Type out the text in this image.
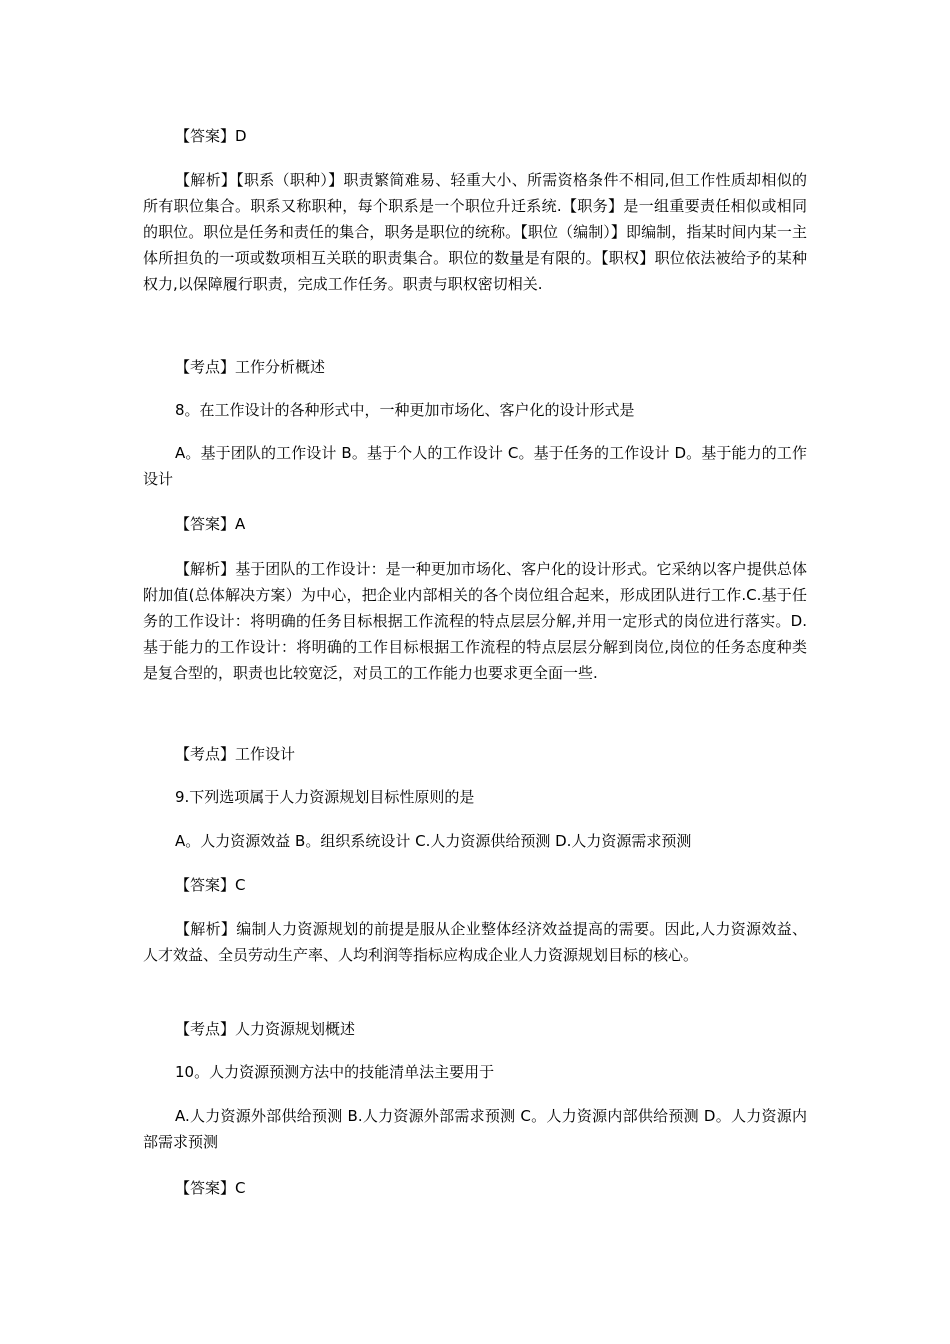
【答案】D

【解析】【职系（职种）】职责繁简难易、轻重大小、所需资格条件不相同,但工作性质却相似的所有职位集合。职系又称职种，每个职系是一个职位升迁系统.【职务】是一组重要责任相似或相同的职位。职位是任务和责任的集合，职务是职位的统称。【职位（编制）】即编制，指某时间内某一主体所担负的一项或数项相互关联的职责集合。职位的数量是有限的。【职权】职位依法被给予的某种权力,以保障履行职责，完成工作任务。职责与职权密切相关.

【考点】工作分析概述

8。在工作设计的各种形式中，一种更加市场化、客户化的设计形式是

A。基于团队的工作设计 B。基于个人的工作设计 C。基于任务的工作设计 D。基于能力的工作设计

【答案】A

【解析】基于团队的工作设计：是一种更加市场化、客户化的设计形式。它采纳以客户提供总体附加值(总体解决方案）为中心，把企业内部相关的各个岗位组合起来，形成团队进行工作.C.基于任务的工作设计：将明确的任务目标根据工作流程的特点层层分解,并用一定形式的岗位进行落实。D.基于能力的工作设计：将明确的工作目标根据工作流程的特点层层分解到岗位,岗位的任务态度种类是复合型的，职责也比较宽泛，对员工的工作能力也要求更全面一些.

【考点】工作设计

9.下列选项属于人力资源规划目标性原则的是

A。人力资源效益 B。组织系统设计 C.人力资源供给预测 D.人力资源需求预测

【答案】C

【解析】编制人力资源规划的前提是服从企业整体经济效益提高的需要。因此,人力资源效益、人才效益、全员劳动生产率、人均利润等指标应构成企业人力资源规划目标的核心。

【考点】人力资源规划概述

10。人力资源预测方法中的技能清单法主要用于

A.人力资源外部供给预测 B.人力资源外部需求预测 C。人力资源内部供给预测 D。人力资源内部需求预测

【答案】C
